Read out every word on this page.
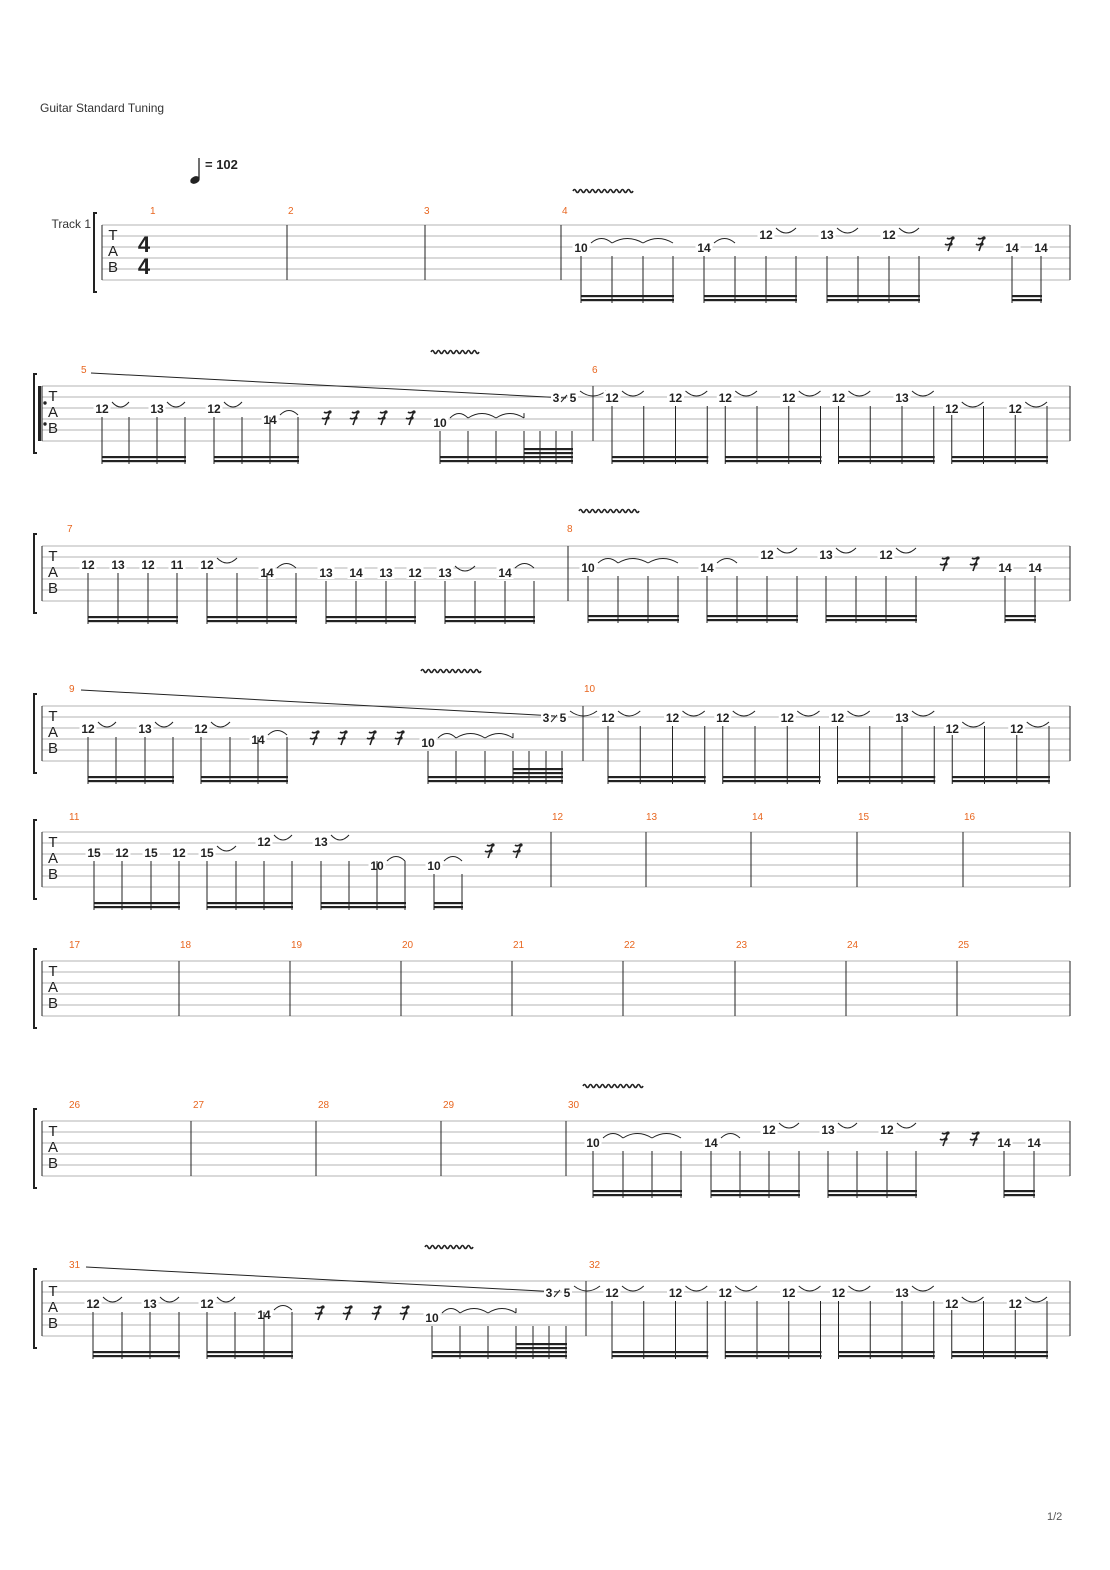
Guitar Standard Tuning
1/2
T
A
B
Track 1
4
4
= 102
1	2	3	4
10	14
12	13	12
14 14
T
A
B
5	6
12	13	12
14	10
3 5 12	12	12	12	12	13
12	12
T
A
B
7	8
12 13 12 11 12
14	13 14 13 12 13	14	10	14
12	13	12
14 14
T
A
B
9	10
12	13	12
14	10
3 5	12	12	12	12	12	13
12	12
T
A
B
11	12	13	14	15	16
15 12 15 12 15
12	13
10	10
T
A
B
17	18	19	20	21	22	23	24	25
T
A
B
26	27	28	29	30
10	14
12	13	12
14 14
T
A
B
31	32
12	13	12
14	10
3 5	12	12	12	12	12	13
12	12
